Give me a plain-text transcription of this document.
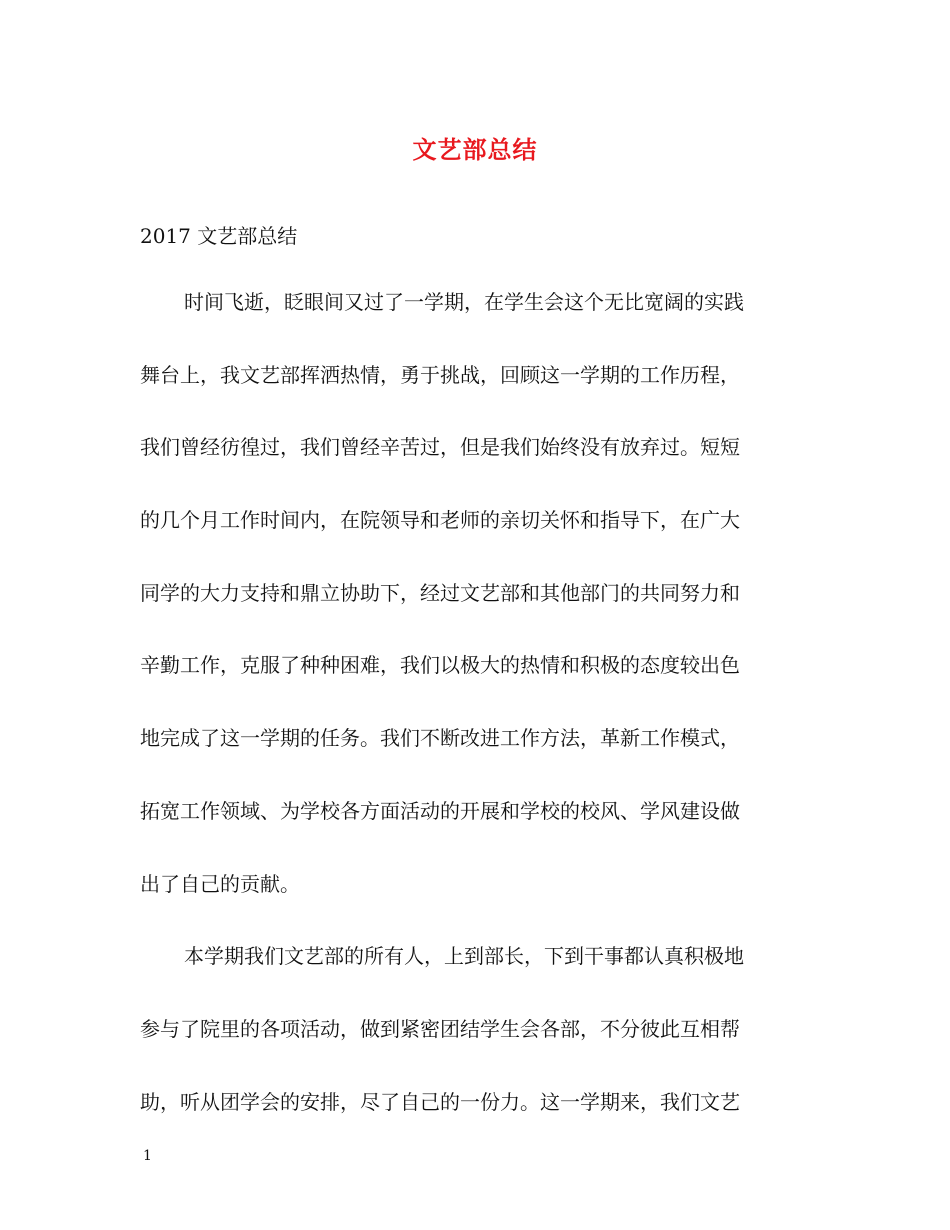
文艺部总结
2017 文艺部总结
时间飞逝，眨眼间又过了一学期，在学生会这个无比宽阔的实践
舞台上，我文艺部挥洒热情，勇于挑战，回顾这一学期的工作历程，
我们曾经彷徨过，我们曾经辛苦过，但是我们始终没有放弃过。短短
的几个月工作时间内，在院领导和老师的亲切关怀和指导下，在广大
同学的大力支持和鼎立协助下，经过文艺部和其他部门的共同努力和
辛勤工作，克服了种种困难，我们以极大的热情和积极的态度较出色
地完成了这一学期的任务。我们不断改进工作方法，革新工作模式，
拓宽工作领域、为学校各方面活动的开展和学校的校风、学风建设做
出了自己的贡献。
本学期我们文艺部的所有人，上到部长，下到干事都认真积极地
参与了院里的各项活动，做到紧密团结学生会各部，不分彼此互相帮
助，听从团学会的安排，尽了自己的一份力。这一学期来，我们文艺
1
